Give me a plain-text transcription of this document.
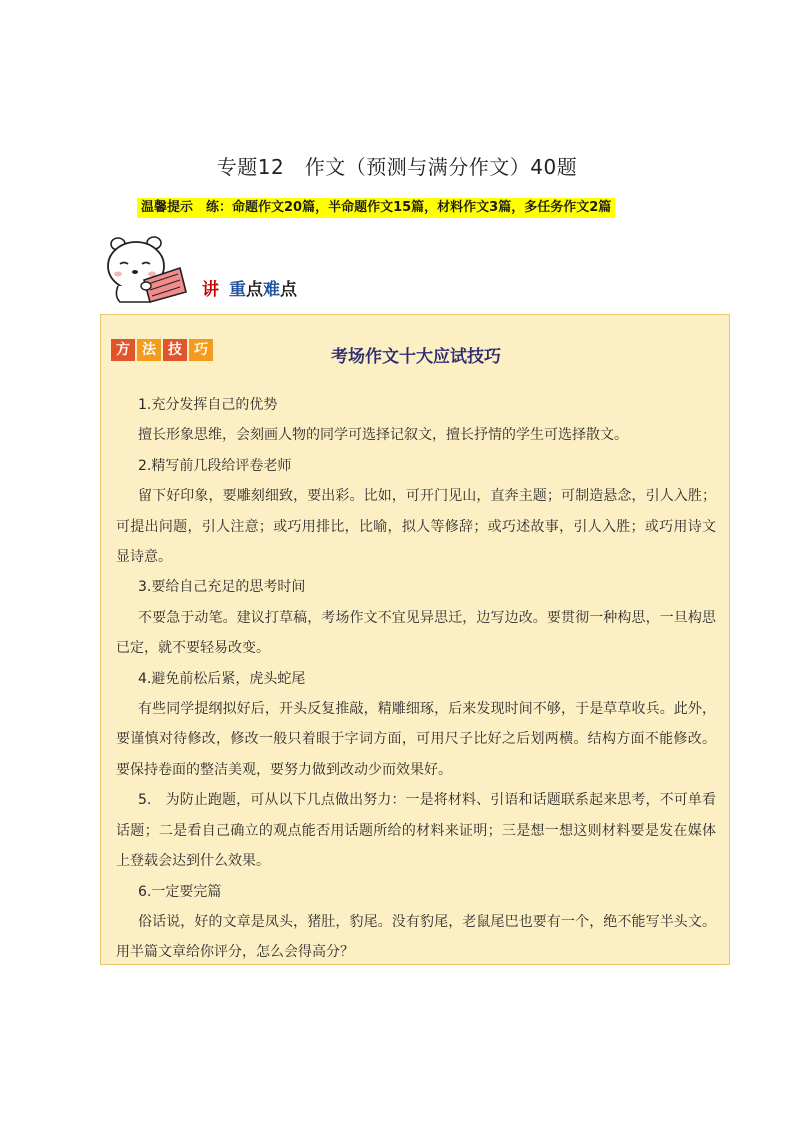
专题12　作文（预测与满分作文）40题
温馨提示　练：命题作文20篇，半命题作文15篇，材料作文3篇，多任务作文2篇
讲 重点难点
方 法 技 巧	考场作文十大应试技巧

1.充分发挥自己的优势

擅长形象思维，会刻画人物的同学可选择记叙文，擅长抒情的学生可选择散文。

2.精写前几段给评卷老师

留下好印象，要雕刻细致，要出彩。比如，可开门见山，直奔主题；可制造悬念，引人入胜；可提出问题，引人注意；或巧用排比，比喻，拟人等修辞；或巧述故事，引人入胜；或巧用诗文显诗意。

3.要给自己充足的思考时间

不要急于动笔。建议打草稿，考场作文不宜见异思迁，边写边改。要贯彻一种构思，一旦构思已定，就不要轻易改变。

4.避免前松后紧，虎头蛇尾

有些同学提纲拟好后，开头反复推敲，精雕细琢，后来发现时间不够，于是草草收兵。此外，要谨慎对待修改，修改一般只着眼于字词方面，可用尺子比好之后划两横。结构方面不能修改。要保持卷面的整洁美观，要努力做到改动少而效果好。

5.　为防止跑题，可从以下几点做出努力：一是将材料、引语和话题联系起来思考，不可单看话题；二是看自己确立的观点能否用话题所给的材料来证明；三是想一想这则材料要是发在媒体上登载会达到什么效果。

6.一定要完篇

俗话说，好的文章是凤头，猪肚，豹尾。没有豹尾，老鼠尾巴也要有一个，绝不能写半头文。用半篇文章给你评分，怎么会得高分？
